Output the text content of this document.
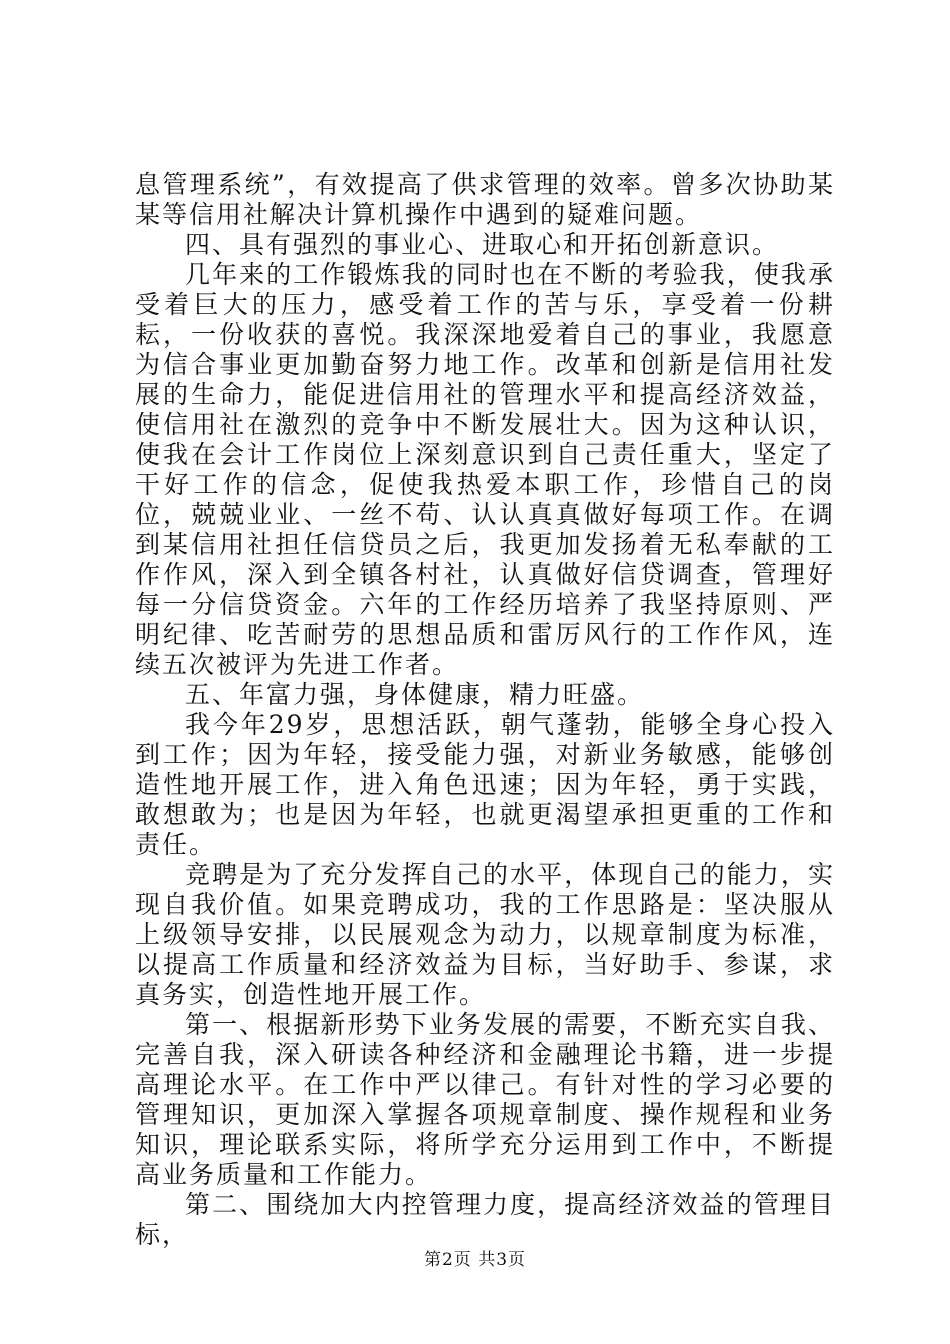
息管理系统”，有效提高了供求管理的效率。曾多次协助某某等信用社解决计算机操作中遇到的疑难问题。

四、具有强烈的事业心、进取心和开拓创新意识。

几年来的工作锻炼我的同时也在不断的考验我，使我承受着巨大的压力，感受着工作的苦与乐，享受着一份耕耘，一份收获的喜悦。我深深地爱着自己的事业，我愿意为信合事业更加勤奋努力地工作。改革和创新是信用社发展的生命力，能促进信用社的管理水平和提高经济效益，使信用社在激烈的竞争中不断发展壮大。因为这种认识，使我在会计工作岗位上深刻意识到自己责任重大，坚定了干好工作的信念，促使我热爱本职工作，珍惜自己的岗位，兢兢业业、一丝不苟、认认真真做好每项工作。在调到某信用社担任信贷员之后，我更加发扬着无私奉献的工作作风，深入到全镇各村社，认真做好信贷调查，管理好每一分信贷资金。六年的工作经历培养了我坚持原则、严明纪律、吃苦耐劳的思想品质和雷厉风行的工作作风，连续五次被评为先进工作者。

五、年富力强，身体健康，精力旺盛。

我今年29岁，思想活跃，朝气蓬勃，能够全身心投入到工作；因为年轻，接受能力强，对新业务敏感，能够创造性地开展工作，进入角色迅速；因为年轻，勇于实践，敢想敢为；也是因为年轻，也就更渴望承担更重的工作和责任。

竞聘是为了充分发挥自己的水平，体现自己的能力，实现自我价值。如果竞聘成功，我的工作思路是：坚决服从上级领导安排，以民展观念为动力，以规章制度为标准，以提高工作质量和经济效益为目标，当好助手、参谋，求真务实，创造性地开展工作。

第一、根据新形势下业务发展的需要，不断充实自我、完善自我，深入研读各种经济和金融理论书籍，进一步提高理论水平。在工作中严以律己。有针对性的学习必要的管理知识，更加深入掌握各项规章制度、操作规程和业务知识，理论联系实际，将所学充分运用到工作中，不断提高业务质量和工作能力。

第二、围绕加大内控管理力度，提高经济效益的管理目标，

第2页 共3页
